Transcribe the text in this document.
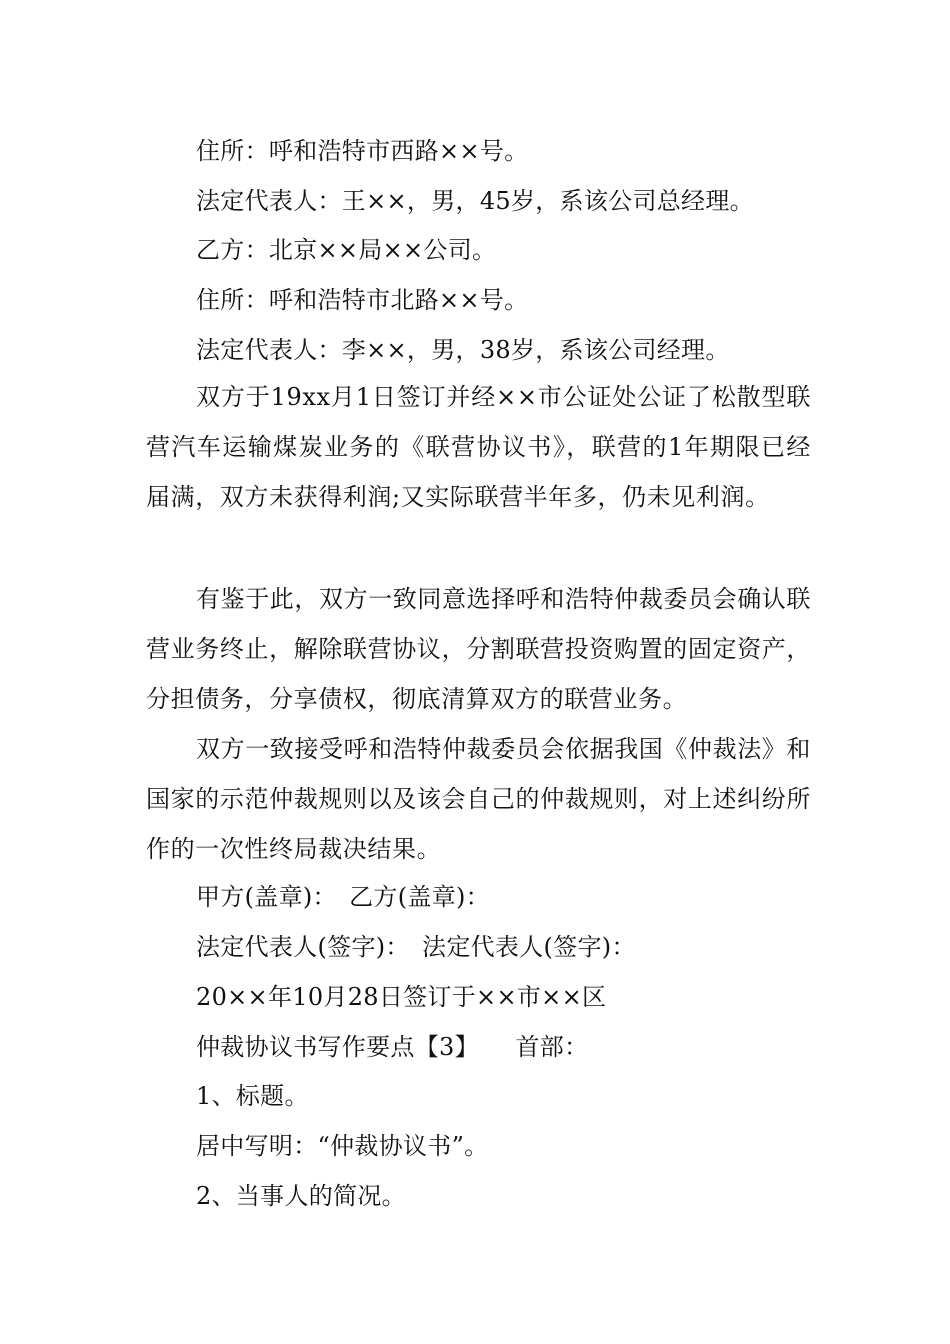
住所：呼和浩特市西路××号。
法定代表人：王××，男，45岁，系该公司总经理。
乙方：北京××局××公司。
住所：呼和浩特市北路××号。
法定代表人：李××，男，38岁，系该公司经理。
双方于19xx月1日签订并经××市公证处公证了松散型联营汽车运输煤炭业务的《联营协议书》，联营的1年期限已经届满，双方未获得利润;又实际联营半年多，仍未见利润。
有鉴于此，双方一致同意选择呼和浩特仲裁委员会确认联营业务终止，解除联营协议，分割联营投资购置的固定资产，分担债务，分享债权，彻底清算双方的联营业务。
双方一致接受呼和浩特仲裁委员会依据我国《仲裁法》和国家的示范仲裁规则以及该会自己的仲裁规则，对上述纠纷所作的一次性终局裁决结果。
甲方(盖章)：　乙方(盖章)：
法定代表人(签字)：　法定代表人(签字)：
20××年10月28日签订于××市××区
仲裁协议书写作要点【3】　　首部：
1、标题。
居中写明：“仲裁协议书”。
2、当事人的简况。
